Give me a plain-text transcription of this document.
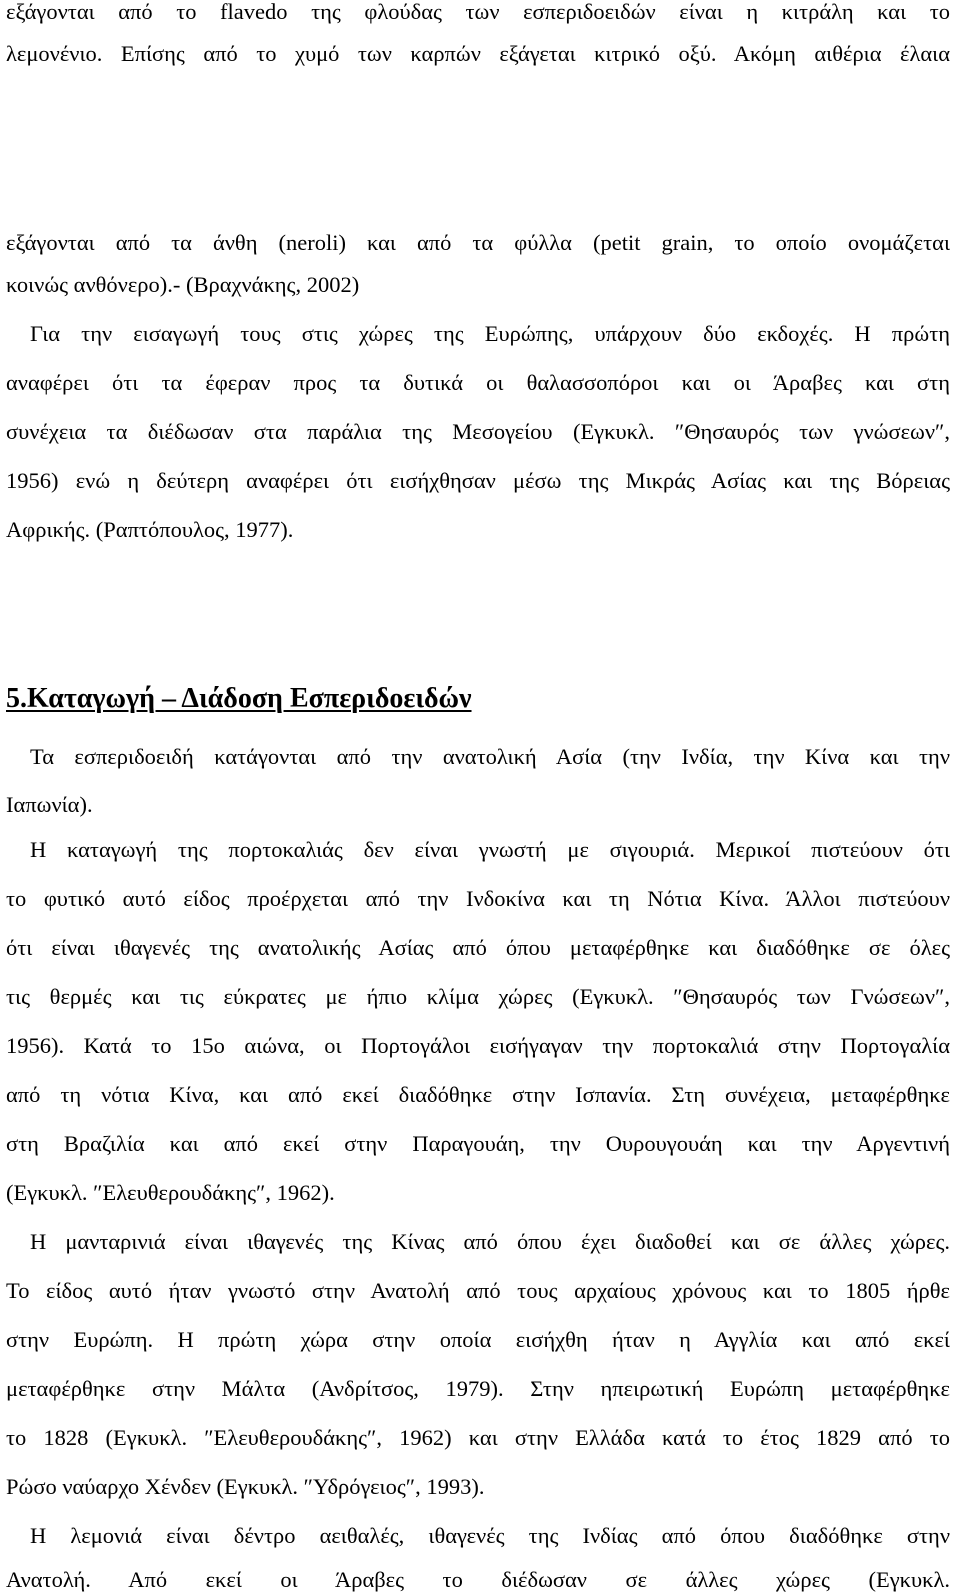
εξάγονται από το flavedo της φλούδας των εσπεριδοειδών είναι η κιτράλη και το
λεμονένιο. Επίσης από το χυμό των καρπών εξάγεται κιτρικό οξύ. Ακόμη αιθέρια έλαια
εξάγονται από τα άνθη (neroli) και από τα φύλλα (petit grain, το οποίο ονομάζεται
κοινώς ανθόνερο).- (Βραχνάκης, 2002)
Για την εισαγωγή τους στις χώρες της Ευρώπης, υπάρχουν δύο εκδοχές. Η πρώτη
αναφέρει ότι τα έφεραν προς τα δυτικά οι θαλασσοπόροι και οι Άραβες και στη
συνέχεια τα διέδωσαν στα παράλια της Μεσογείου (Εγκυκλ. ″Θησαυρός των γνώσεων″,
1956) ενώ η δεύτερη αναφέρει ότι εισήχθησαν μέσω της Μικράς Ασίας και της Βόρειας
Αφρικής. (Ραπτόπουλος, 1977).
5.Καταγωγή – Διάδοση Εσπεριδοειδών
Τα εσπεριδοειδή κατάγονται από την ανατολική Ασία (την Ινδία, την Κίνα και την
Ιαπωνία).
Η καταγωγή της πορτοκαλιάς δεν είναι γνωστή με σιγουριά. Μερικοί πιστεύουν ότι
το φυτικό αυτό είδος προέρχεται από την Ινδοκίνα και τη Νότια Κίνα. Άλλοι πιστεύουν
ότι είναι ιθαγενές της ανατολικής Ασίας από όπου μεταφέρθηκε και διαδόθηκε σε όλες
τις θερμές και τις εύκρατες με ήπιο κλίμα χώρες (Εγκυκλ. ″Θησαυρός των Γνώσεων″,
1956). Κατά το 15ο αιώνα, οι Πορτογάλοι εισήγαγαν την πορτοκαλιά στην Πορτογαλία
από τη νότια Κίνα, και από εκεί διαδόθηκε στην Ισπανία. Στη συνέχεια, μεταφέρθηκε
στη Βραζιλία και από εκεί στην Παραγουάη, την Ουρουγουάη και την Αργεντινή
(Εγκυκλ. ″Ελευθερουδάκης″, 1962).
Η μανταρινιά είναι ιθαγενές της Κίνας από όπου έχει διαδοθεί και σε άλλες χώρες.
Το είδος αυτό ήταν γνωστό στην Ανατολή από τους αρχαίους χρόνους και το 1805 ήρθε
στην Ευρώπη. Η πρώτη χώρα στην οποία εισήχθη ήταν η Αγγλία και από εκεί
μεταφέρθηκε στην Μάλτα (Ανδρίτσος, 1979). Στην ηπειρωτική Ευρώπη μεταφέρθηκε
το 1828 (Εγκυκλ. ″Ελευθερουδάκης″, 1962) και στην Ελλάδα κατά το έτος 1829 από το
Ρώσο ναύαρχο Χένδεν (Εγκυκλ. ″Υδρόγειος″, 1993).
Η λεμονιά είναι δέντρο αειθαλές, ιθαγενές της Ινδίας από όπου διαδόθηκε στην
Ανατολή. Από εκεί οι Άραβες το διέδωσαν σε άλλες χώρες (Εγκυκλ.
